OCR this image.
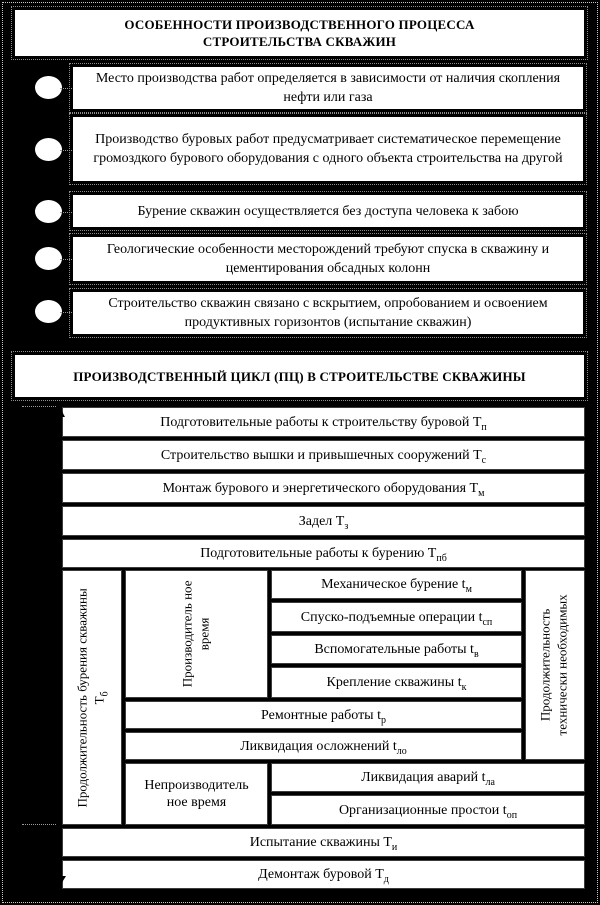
ОСОБЕННОСТИ ПРОИЗВОДСТВЕННОГО ПРОЦЕССА
СТРОИТЕЛЬСТВА СКВАЖИН
Место производства работ определяется в зависимости от наличия скопления нефти или газа
Производство буровых работ предусматривает систематическое перемещение громоздкого бурового оборудования с одного объекта строительства на другой
Бурение скважин осуществляется без доступа человека к забою
Геологические особенности месторождений требуют спуска в скважину и цементирования обсадных колонн
Строительство скважин связано с вскрытием, опробованием и освоением продуктивных горизонтов (испытание скважин)
ПРОИЗВОДСТВЕННЫЙ ЦИКЛ (ПЦ) В СТРОИТЕЛЬСТВЕ СКВАЖИНЫ
Подготовительные работы к строительству буровой $Т_п$
Строительство вышки и привышечных сооружений $Т_с$
Монтаж бурового и энергетического оборудования $Т_м$
Задел $Т_з$
Подготовительные работы к бурению $Т_{пб}$
Продолжительность бурения скважины $Т_б$
Производитель ное время
Механическое бурение $t_м$
Спуско-подъемные операции $t_{сп}$
Вспомогательные работы $t_в$
Крепление скважины $t_к$
Ремонтные работы $t_р$
Ликвидация осложнений $t_{ло}$
Продолжительность технически необходимых
Непроизводитель
ное время
Ликвидация аварий $t_{ла}$
Организационные простои $t_{оп}$
Испытание скважины $Т_и$
Демонтаж буровой $Т_д$
